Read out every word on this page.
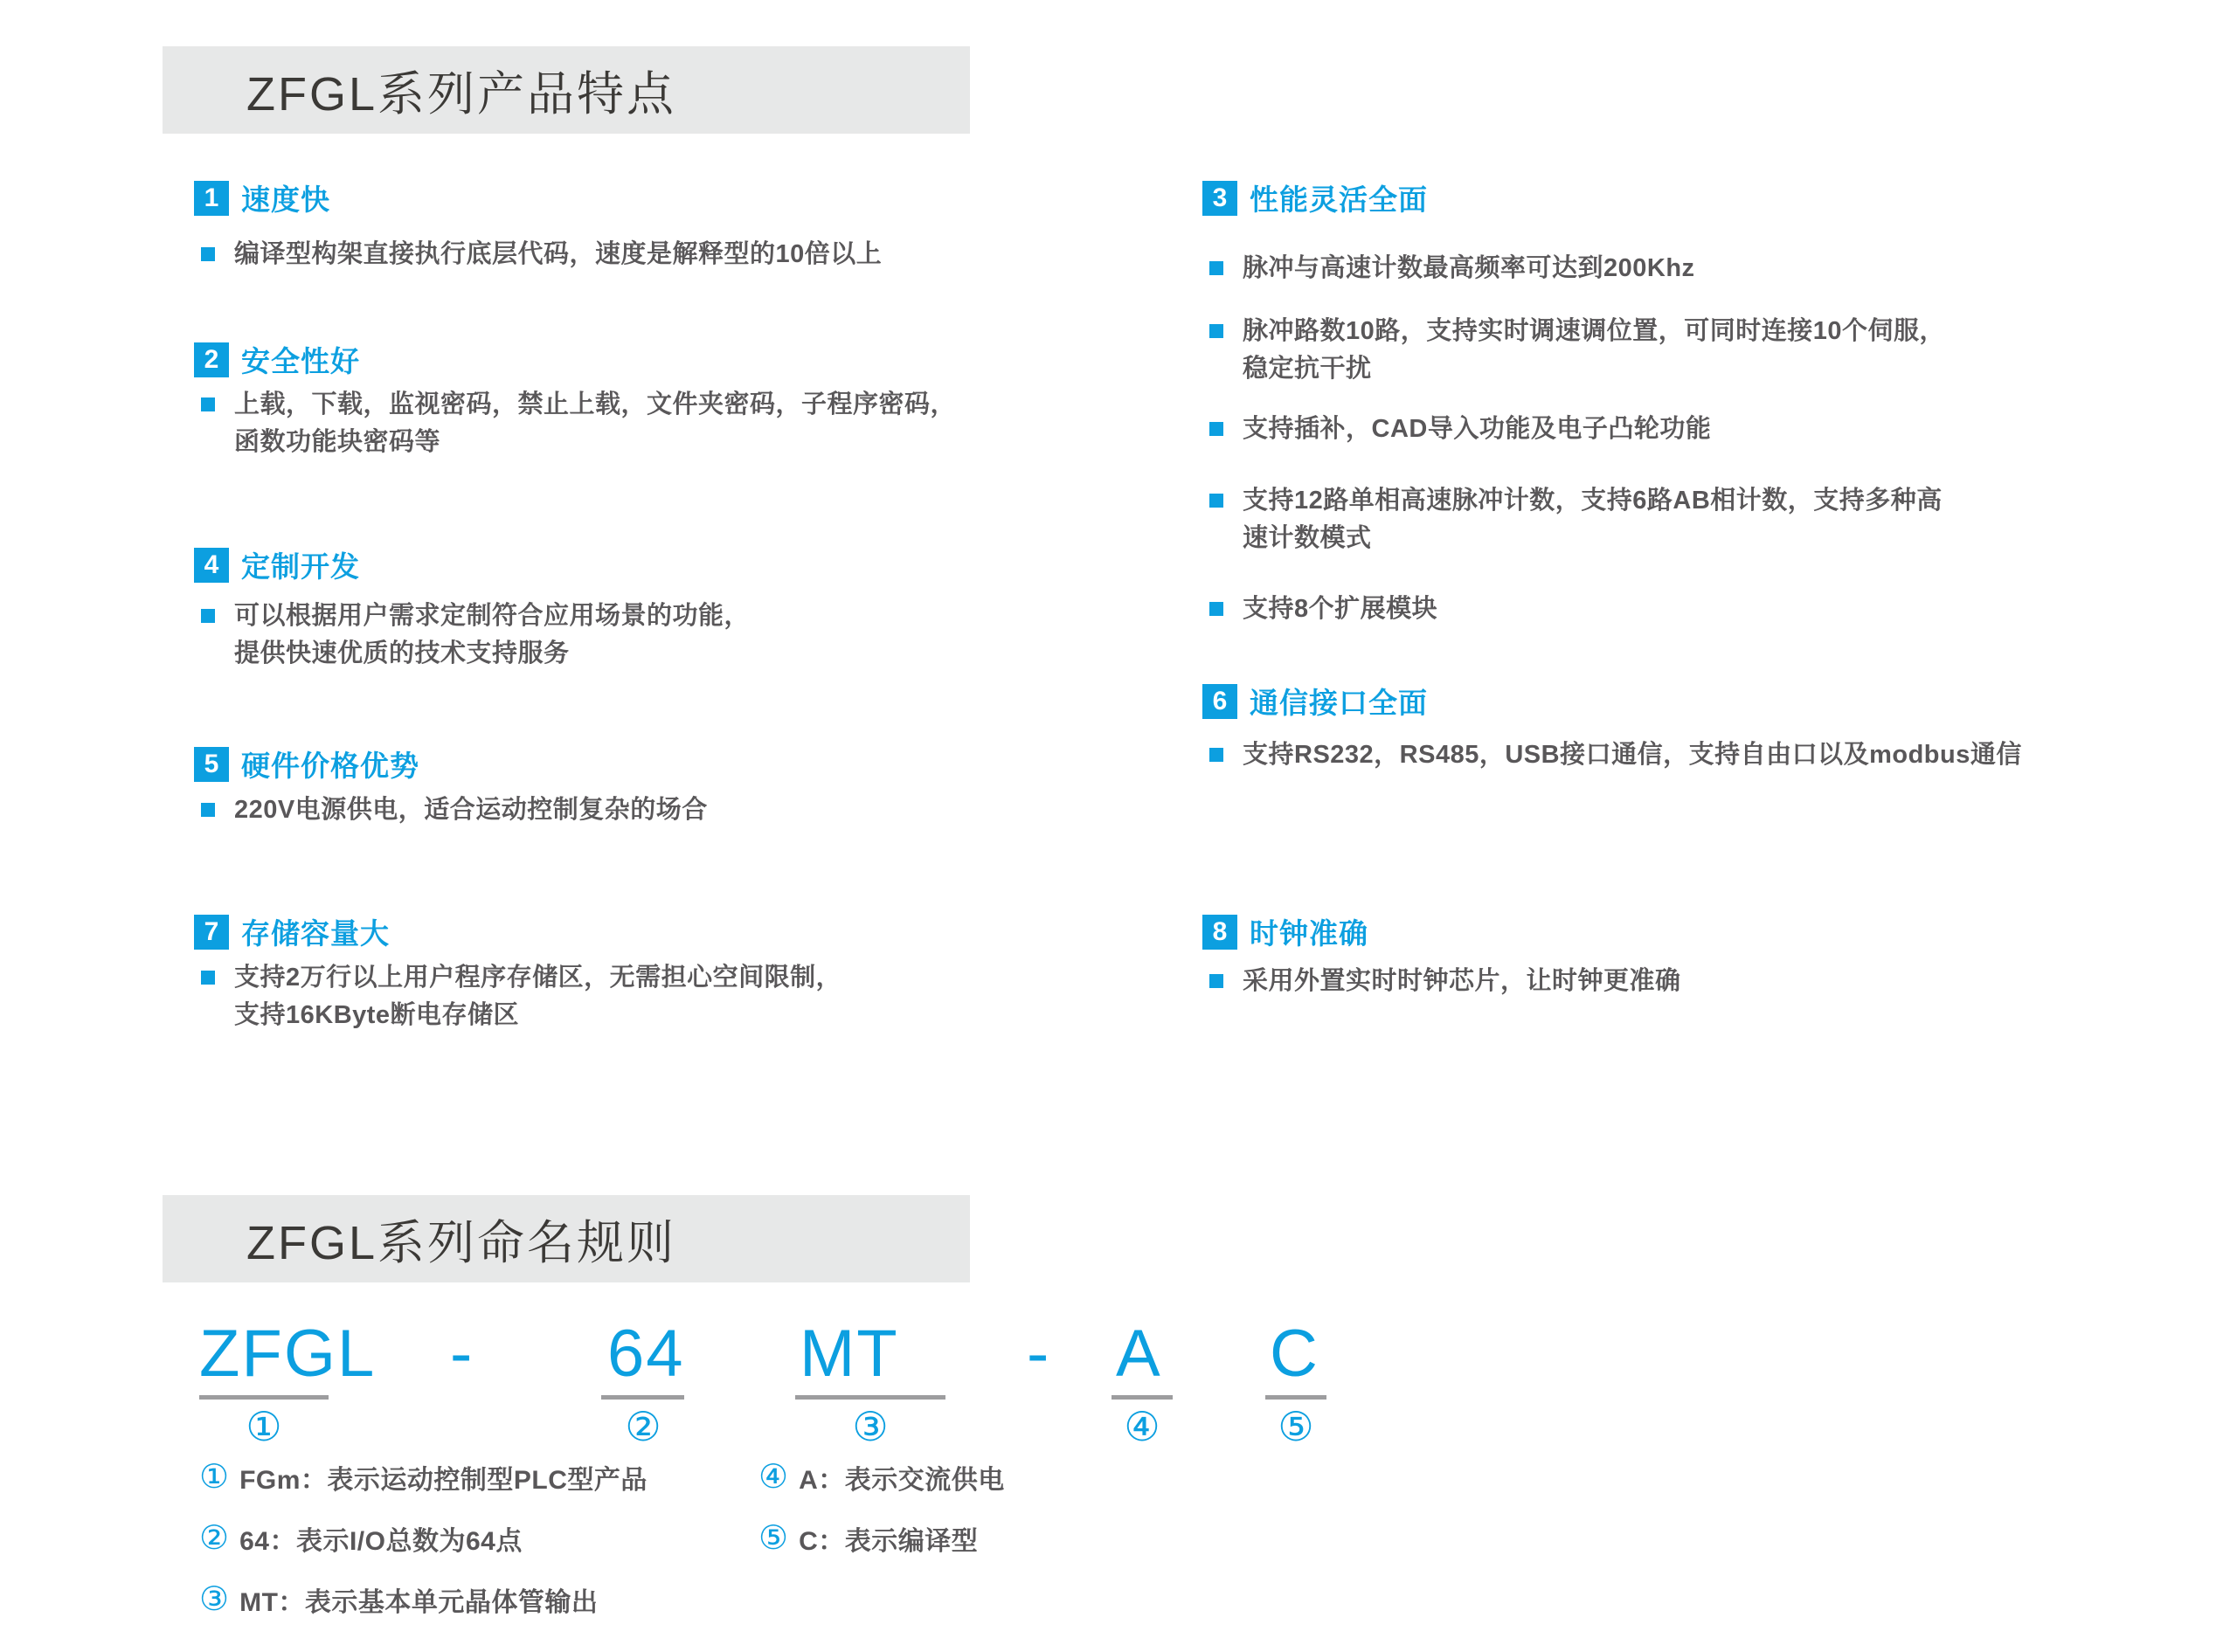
ZFGL系列产品特点
1 速度快
编译型构架直接执行底层代码，速度是解释型的10倍以上
2 安全性好
上载，下载，监视密码，禁止上载，文件夹密码，子程序密码，
函数功能块密码等
4 定制开发
可以根据用户需求定制符合应用场景的功能，
提供快速优质的技术支持服务
5 硬件价格优势
220V电源供电，适合运动控制复杂的场合
7 存储容量大
支持2万行以上用户程序存储区，无需担心空间限制，
支持16KByte断电存储区
3 性能灵活全面
脉冲与高速计数最高频率可达到200Khz
脉冲路数10路，支持实时调速调位置，可同时连接10个伺服，
稳定抗干扰
支持插补，CAD导入功能及电子凸轮功能
支持12路单相高速脉冲计数，支持6路AB相计数，支持多种高
速计数模式
支持8个扩展模块
6 通信接口全面
支持RS232，RS485，USB接口通信，支持自由口以及modbus通信
8 时钟准确
采用外置实时时钟芯片，让时钟更准确
ZFGL系列命名规则
ZFGL - 64 MT - A C
①	②	③	④	⑤
① FGm：表示运动控制型PLC型产品
② 64：表示I/O总数为64点
③ MT：表示基本单元晶体管输出
④ A：表示交流供电
⑤ C：表示编译型
